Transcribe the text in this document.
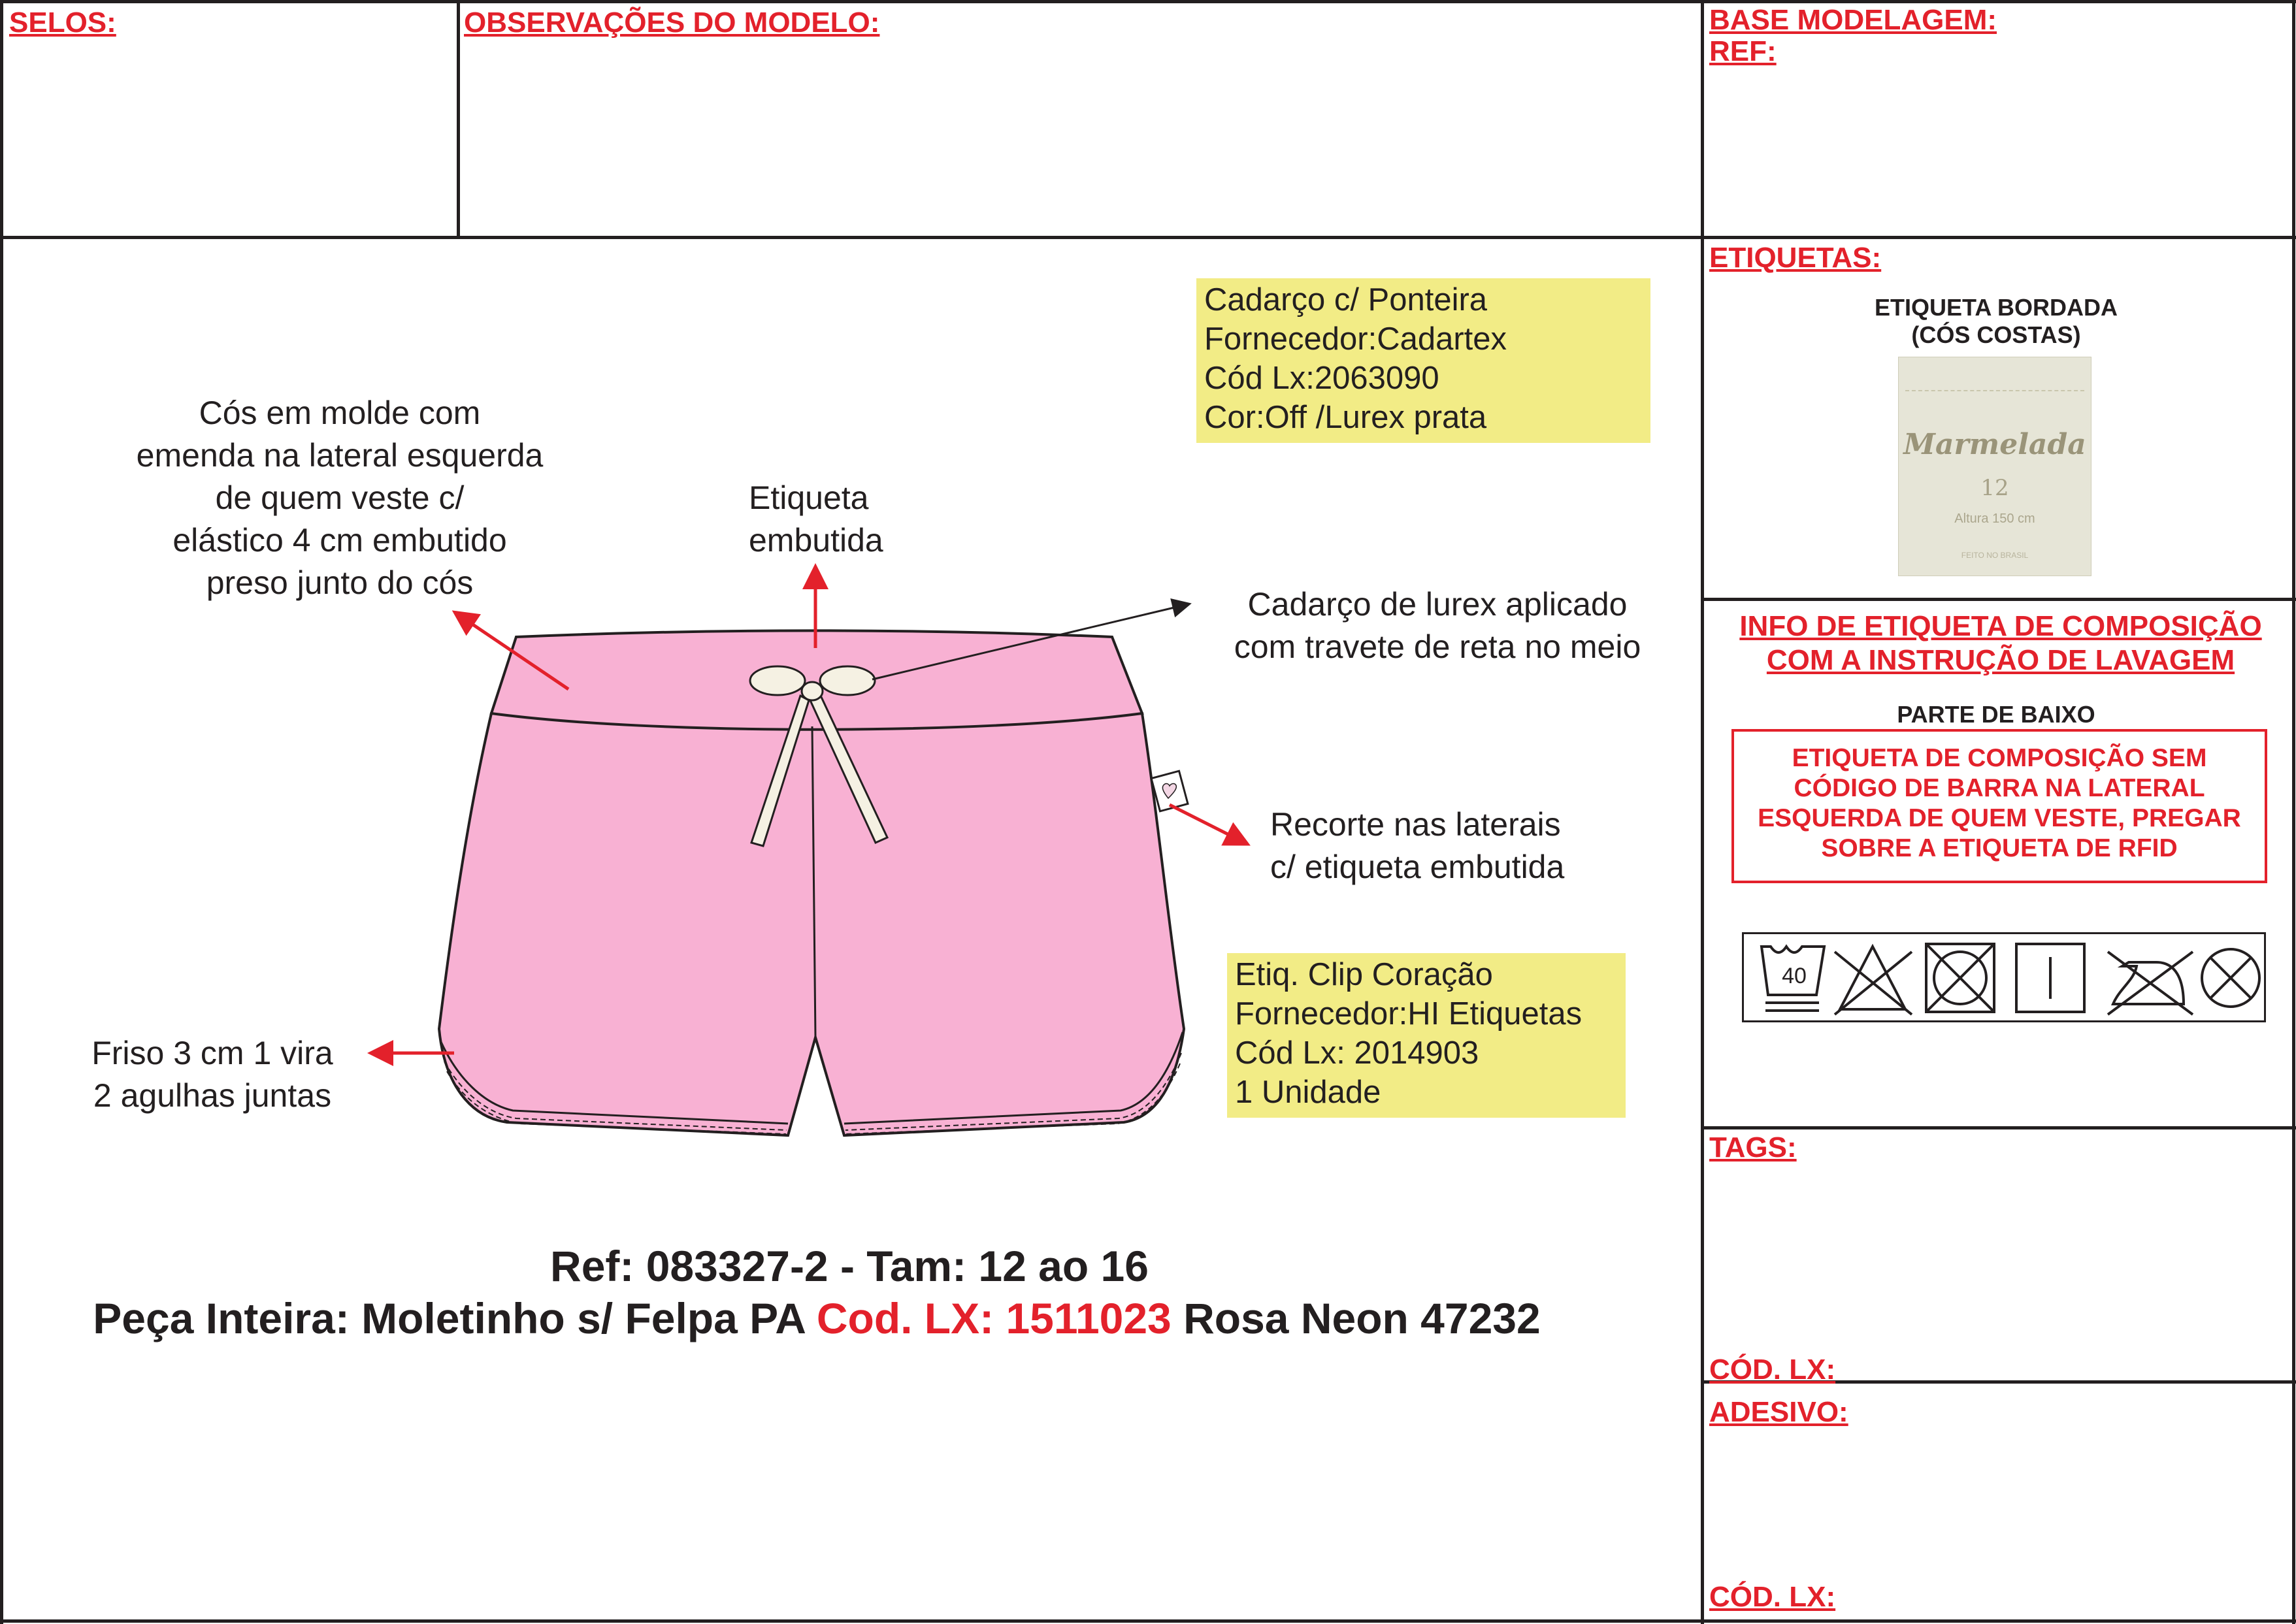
SELOS:	OBSERVAÇÕES DO MODELO:	BASE MODELAGEM:
REF:
Cadarço c/ Ponteira
Fornecedor:Cadartex
Cód Lx:2063090
Cor:Off /Lurex prata
Etiq. Clip Coração
Fornecedor:HI Etiquetas
Cód Lx: 2014903
1 Unidade
Cós em molde com
emenda na lateral esquerda
de quem veste c/
elástico 4 cm embutido
preso junto do cós
Etiqueta
embutida
Cadarço de lurex aplicado
com travete de reta no meio
Recorte nas laterais
c/ etiqueta embutida
Friso 3 cm 1 vira
2 agulhas juntas
Ref: 083327-2 - Tam: 12 ao 16
Peça Inteira: Moletinho s/ Felpa PA Cod. LX: 1511023 Rosa Neon 47232
ETIQUETAS:
ETIQUETA BORDADA
(CÓS COSTAS)
Marmelada
12
Altura 150 cm
FEITO NO BRASIL
INFO DE ETIQUETA DE COMPOSIÇÃO
COM A INSTRUÇÃO DE LAVAGEM
PARTE DE BAIXO
ETIQUETA DE COMPOSIÇÃO SEM
CÓDIGO DE BARRA NA LATERAL
ESQUERDA DE QUEM VESTE, PREGAR
SOBRE A ETIQUETA DE RFID
40
TAGS:
CÓD. LX:
ADESIVO:
CÓD. LX:
